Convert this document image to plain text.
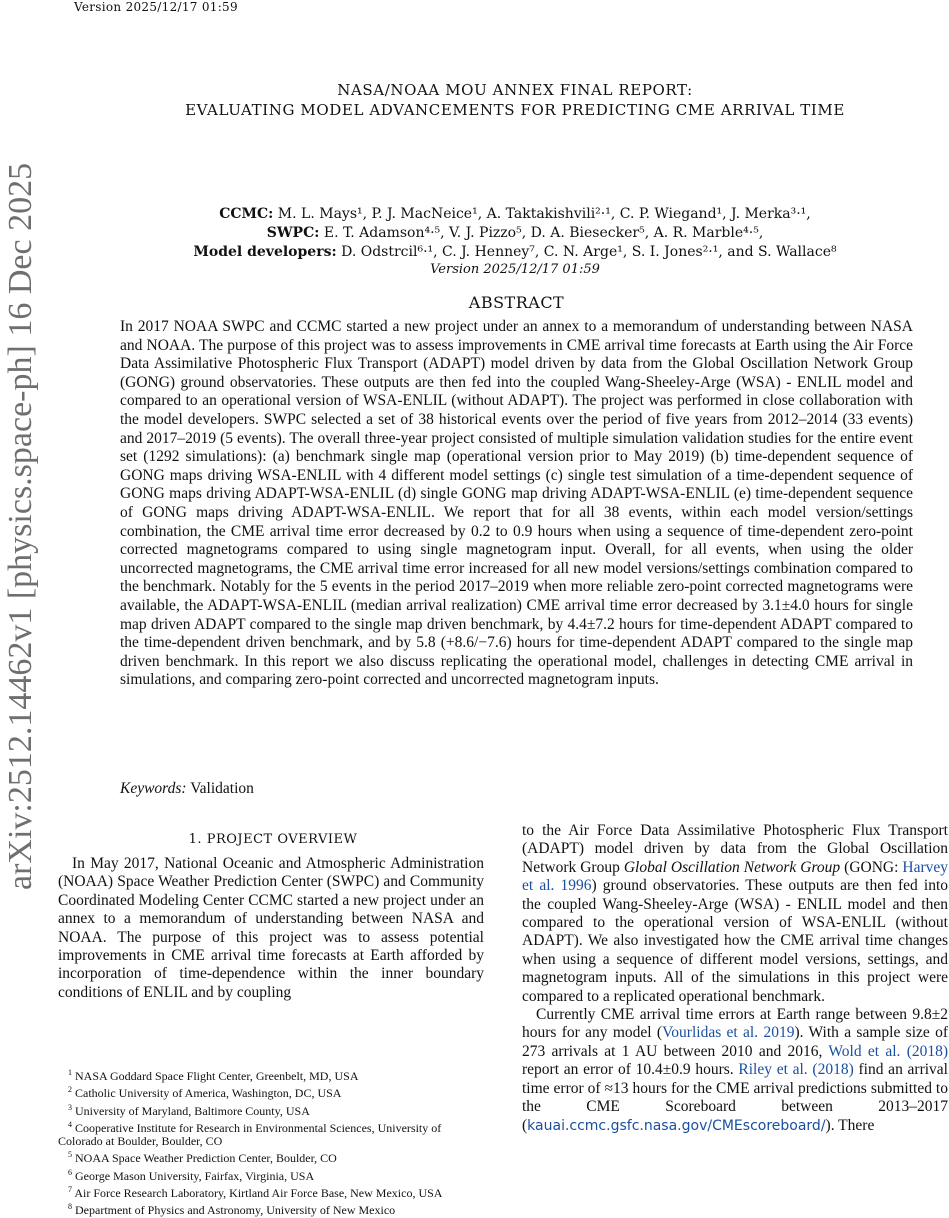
Version 2025/12/17 01:59
arXiv:2512.14462v1 [physics.space-ph] 16 Dec 2025
NASA/NOAA MOU ANNEX FINAL REPORT:
EVALUATING MODEL ADVANCEMENTS FOR PREDICTING CME ARRIVAL TIME
CCMC: M. L. Mays¹, P. J. MacNeice¹, A. Taktakishvili²·¹, C. P. Wiegand¹, J. Merka³·¹,
SWPC: E. T. Adamson⁴·⁵, V. J. Pizzo⁵, D. A. Biesecker⁵, A. R. Marble⁴·⁵,
Model developers: D. Odstrcil⁶·¹, C. J. Henney⁷, C. N. Arge¹, S. I. Jones²·¹, and S. Wallace⁸
Version 2025/12/17 01:59
ABSTRACT
In 2017 NOAA SWPC and CCMC started a new project under an annex to a memorandum of understanding between NASA and NOAA. The purpose of this project was to assess improvements in CME arrival time forecasts at Earth using the Air Force Data Assimilative Photospheric Flux Transport (ADAPT) model driven by data from the Global Oscillation Network Group (GONG) ground observatories. These outputs are then fed into the coupled Wang-Sheeley-Arge (WSA) - ENLIL model and compared to an operational version of WSA-ENLIL (without ADAPT). The project was performed in close collaboration with the model developers. SWPC selected a set of 38 historical events over the period of five years from 2012–2014 (33 events) and 2017–2019 (5 events). The overall three-year project consisted of multiple simulation validation studies for the entire event set (1292 simulations): (a) benchmark single map (operational version prior to May 2019) (b) time-dependent sequence of GONG maps driving WSA-ENLIL with 4 different model settings (c) single test simulation of a time-dependent sequence of GONG maps driving ADAPT-WSA-ENLIL (d) single GONG map driving ADAPT-WSA-ENLIL (e) time-dependent sequence of GONG maps driving ADAPT-WSA-ENLIL. We report that for all 38 events, within each model version/settings combination, the CME arrival time error decreased by 0.2 to 0.9 hours when using a sequence of time-dependent zero-point corrected magnetograms compared to using single magnetogram input. Overall, for all events, when using the older uncorrected magnetograms, the CME arrival time error increased for all new model versions/settings combination compared to the benchmark. Notably for the 5 events in the period 2017–2019 when more reliable zero-point corrected magnetograms were available, the ADAPT-WSA-ENLIL (median arrival realization) CME arrival time error decreased by 3.1±4.0 hours for single map driven ADAPT compared to the single map driven benchmark, by 4.4±7.2 hours for time-dependent ADAPT compared to the time-dependent driven benchmark, and by 5.8 (+8.6/−7.6) hours for time-dependent ADAPT compared to the single map driven benchmark. In this report we also discuss replicating the operational model, challenges in detecting CME arrival in simulations, and comparing zero-point corrected and uncorrected magnetogram inputs.
Keywords: Validation
1. PROJECT OVERVIEW

In May 2017, National Oceanic and Atmospheric Administration (NOAA) Space Weather Prediction Center (SWPC) and Community Coordinated Modeling Center CCMC started a new project under an annex to a memorandum of understanding between NASA and NOAA. The purpose of this project was to assess potential improvements in CME arrival time forecasts at Earth afforded by incorporation of time-dependence within the inner boundary conditions of ENLIL and by coupling

$^1$ NASA Goddard Space Flight Center, Greenbelt, MD, USA

$^2$ Catholic University of America, Washington, DC, USA

$^3$ University of Maryland, Baltimore County, USA

$^4$ Cooperative Institute for Research in Environmental Sciences, University of Colorado at Boulder, Boulder, CO

$^5$ NOAA Space Weather Prediction Center, Boulder, CO

$^6$ George Mason University, Fairfax, Virginia, USA

$^7$ Air Force Research Laboratory, Kirtland Air Force Base, New Mexico, USA

$^8$ Department of Physics and Astronomy, University of New Mexico

to the Air Force Data Assimilative Photospheric Flux Transport (ADAPT) model driven by data from the Global Oscillation Network Group Global Oscillation Network Group (GONG: Harvey et al. 1996) ground observatories. These outputs are then fed into the coupled Wang-Sheeley-Arge (WSA) - ENLIL model and then compared to the operational version of WSA-ENLIL (without ADAPT). We also investigated how the CME arrival time changes when using a sequence of different model versions, settings, and magnetogram inputs. All of the simulations in this project were compared to a replicated operational benchmark.

Currently CME arrival time errors at Earth range between 9.8±2 hours for any model (Vourlidas et al. 2019). With a sample size of 273 arrivals at 1 AU between 2010 and 2016, Wold et al. (2018) report an error of 10.4±0.9 hours. Riley et al. (2018) find an arrival time error of ≈13 hours for the CME arrival predictions submitted to the CME Scoreboard between 2013–2017 (kauai.ccmc.gsfc.nasa.gov/CMEscoreboard/). There
